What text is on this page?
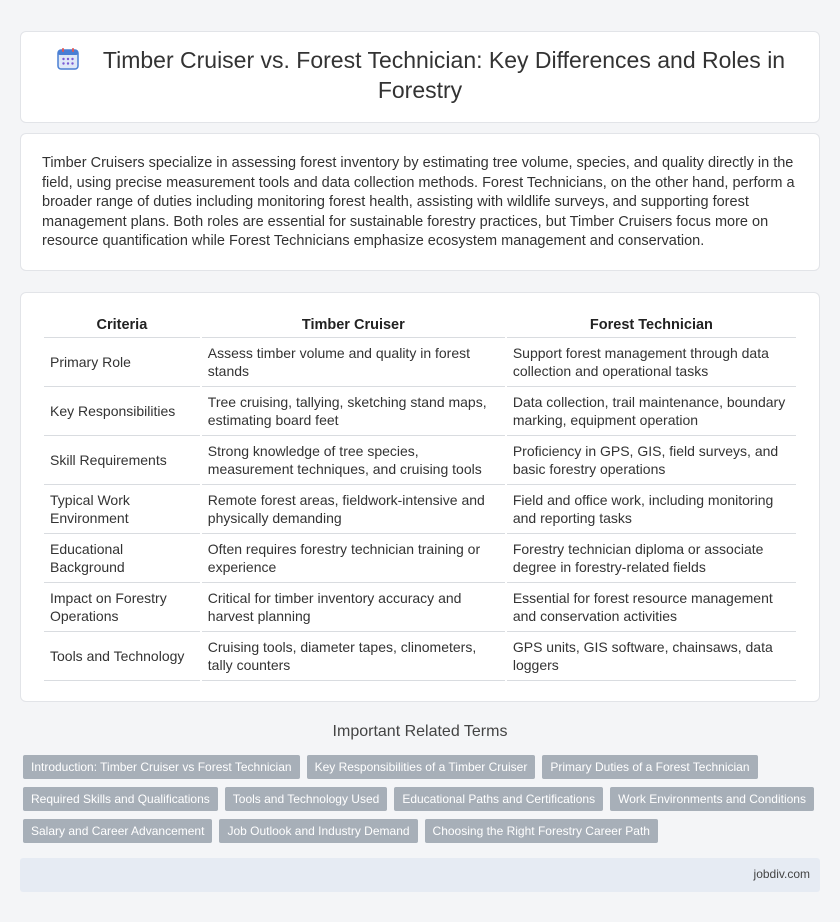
Timber Cruiser vs. Forest Technician: Key Differences and Roles in Forestry

Timber Cruisers specialize in assessing forest inventory by estimating tree volume, species, and quality directly in the field, using precise measurement tools and data collection methods. Forest Technicians, on the other hand, perform a broader range of duties including monitoring forest health, assisting with wildlife surveys, and supporting forest management plans. Both roles are essential for sustainable forestry practices, but Timber Cruisers focus more on resource quantification while Forest Technicians emphasize ecosystem management and conservation.

Criteria	Timber Cruiser	Forest Technician
Primary Role	Assess timber volume and quality in forest stands	Support forest management through data collection and operational tasks
Key Responsibilities	Tree cruising, tallying, sketching stand maps, estimating board feet	Data collection, trail maintenance, boundary marking, equipment operation
Skill Requirements	Strong knowledge of tree species, measurement techniques, and cruising tools	Proficiency in GPS, GIS, field surveys, and basic forestry operations
Typical Work Environment	Remote forest areas, fieldwork-intensive and physically demanding	Field and office work, including monitoring and reporting tasks
Educational Background	Often requires forestry technician training or experience	Forestry technician diploma or associate degree in forestry-related fields
Impact on Forestry Operations	Critical for timber inventory accuracy and harvest planning	Essential for forest resource management and conservation activities
Tools and Technology	Cruising tools, diameter tapes, clinometers, tally counters	GPS units, GIS software, chainsaws, data loggers
Important Related Terms
Introduction: Timber Cruiser vs Forest Technician	Key Responsibilities of a Timber Cruiser	Primary Duties of a Forest Technician
Required Skills and Qualifications	Tools and Technology Used	Educational Paths and Certifications	Work Environments and Conditions
Salary and Career Advancement	Job Outlook and Industry Demand	Choosing the Right Forestry Career Path
jobdiv.com
